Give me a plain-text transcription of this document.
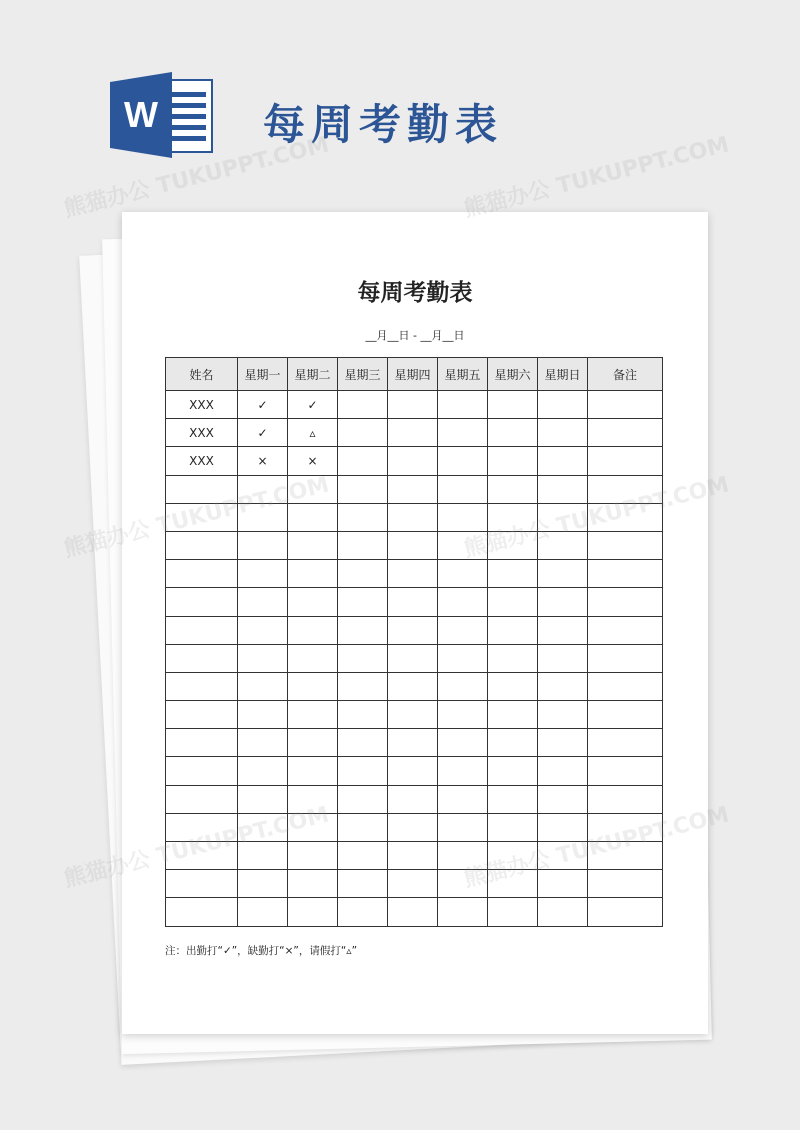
W	每周考勤表
每周考勤表
__月__日 - __月__日
姓名	星期一	星期二	星期三	星期四	星期五	星期六	星期日	备注
XXX	✓	✓						
XXX	✓	▵						
XXX	×	×						

注：出勤打“✓”，缺勤打“×”，请假打“▵”
熊猫办公 TUKUPPT.COM	熊猫办公 TUKUPPT.COM
熊猫办公
